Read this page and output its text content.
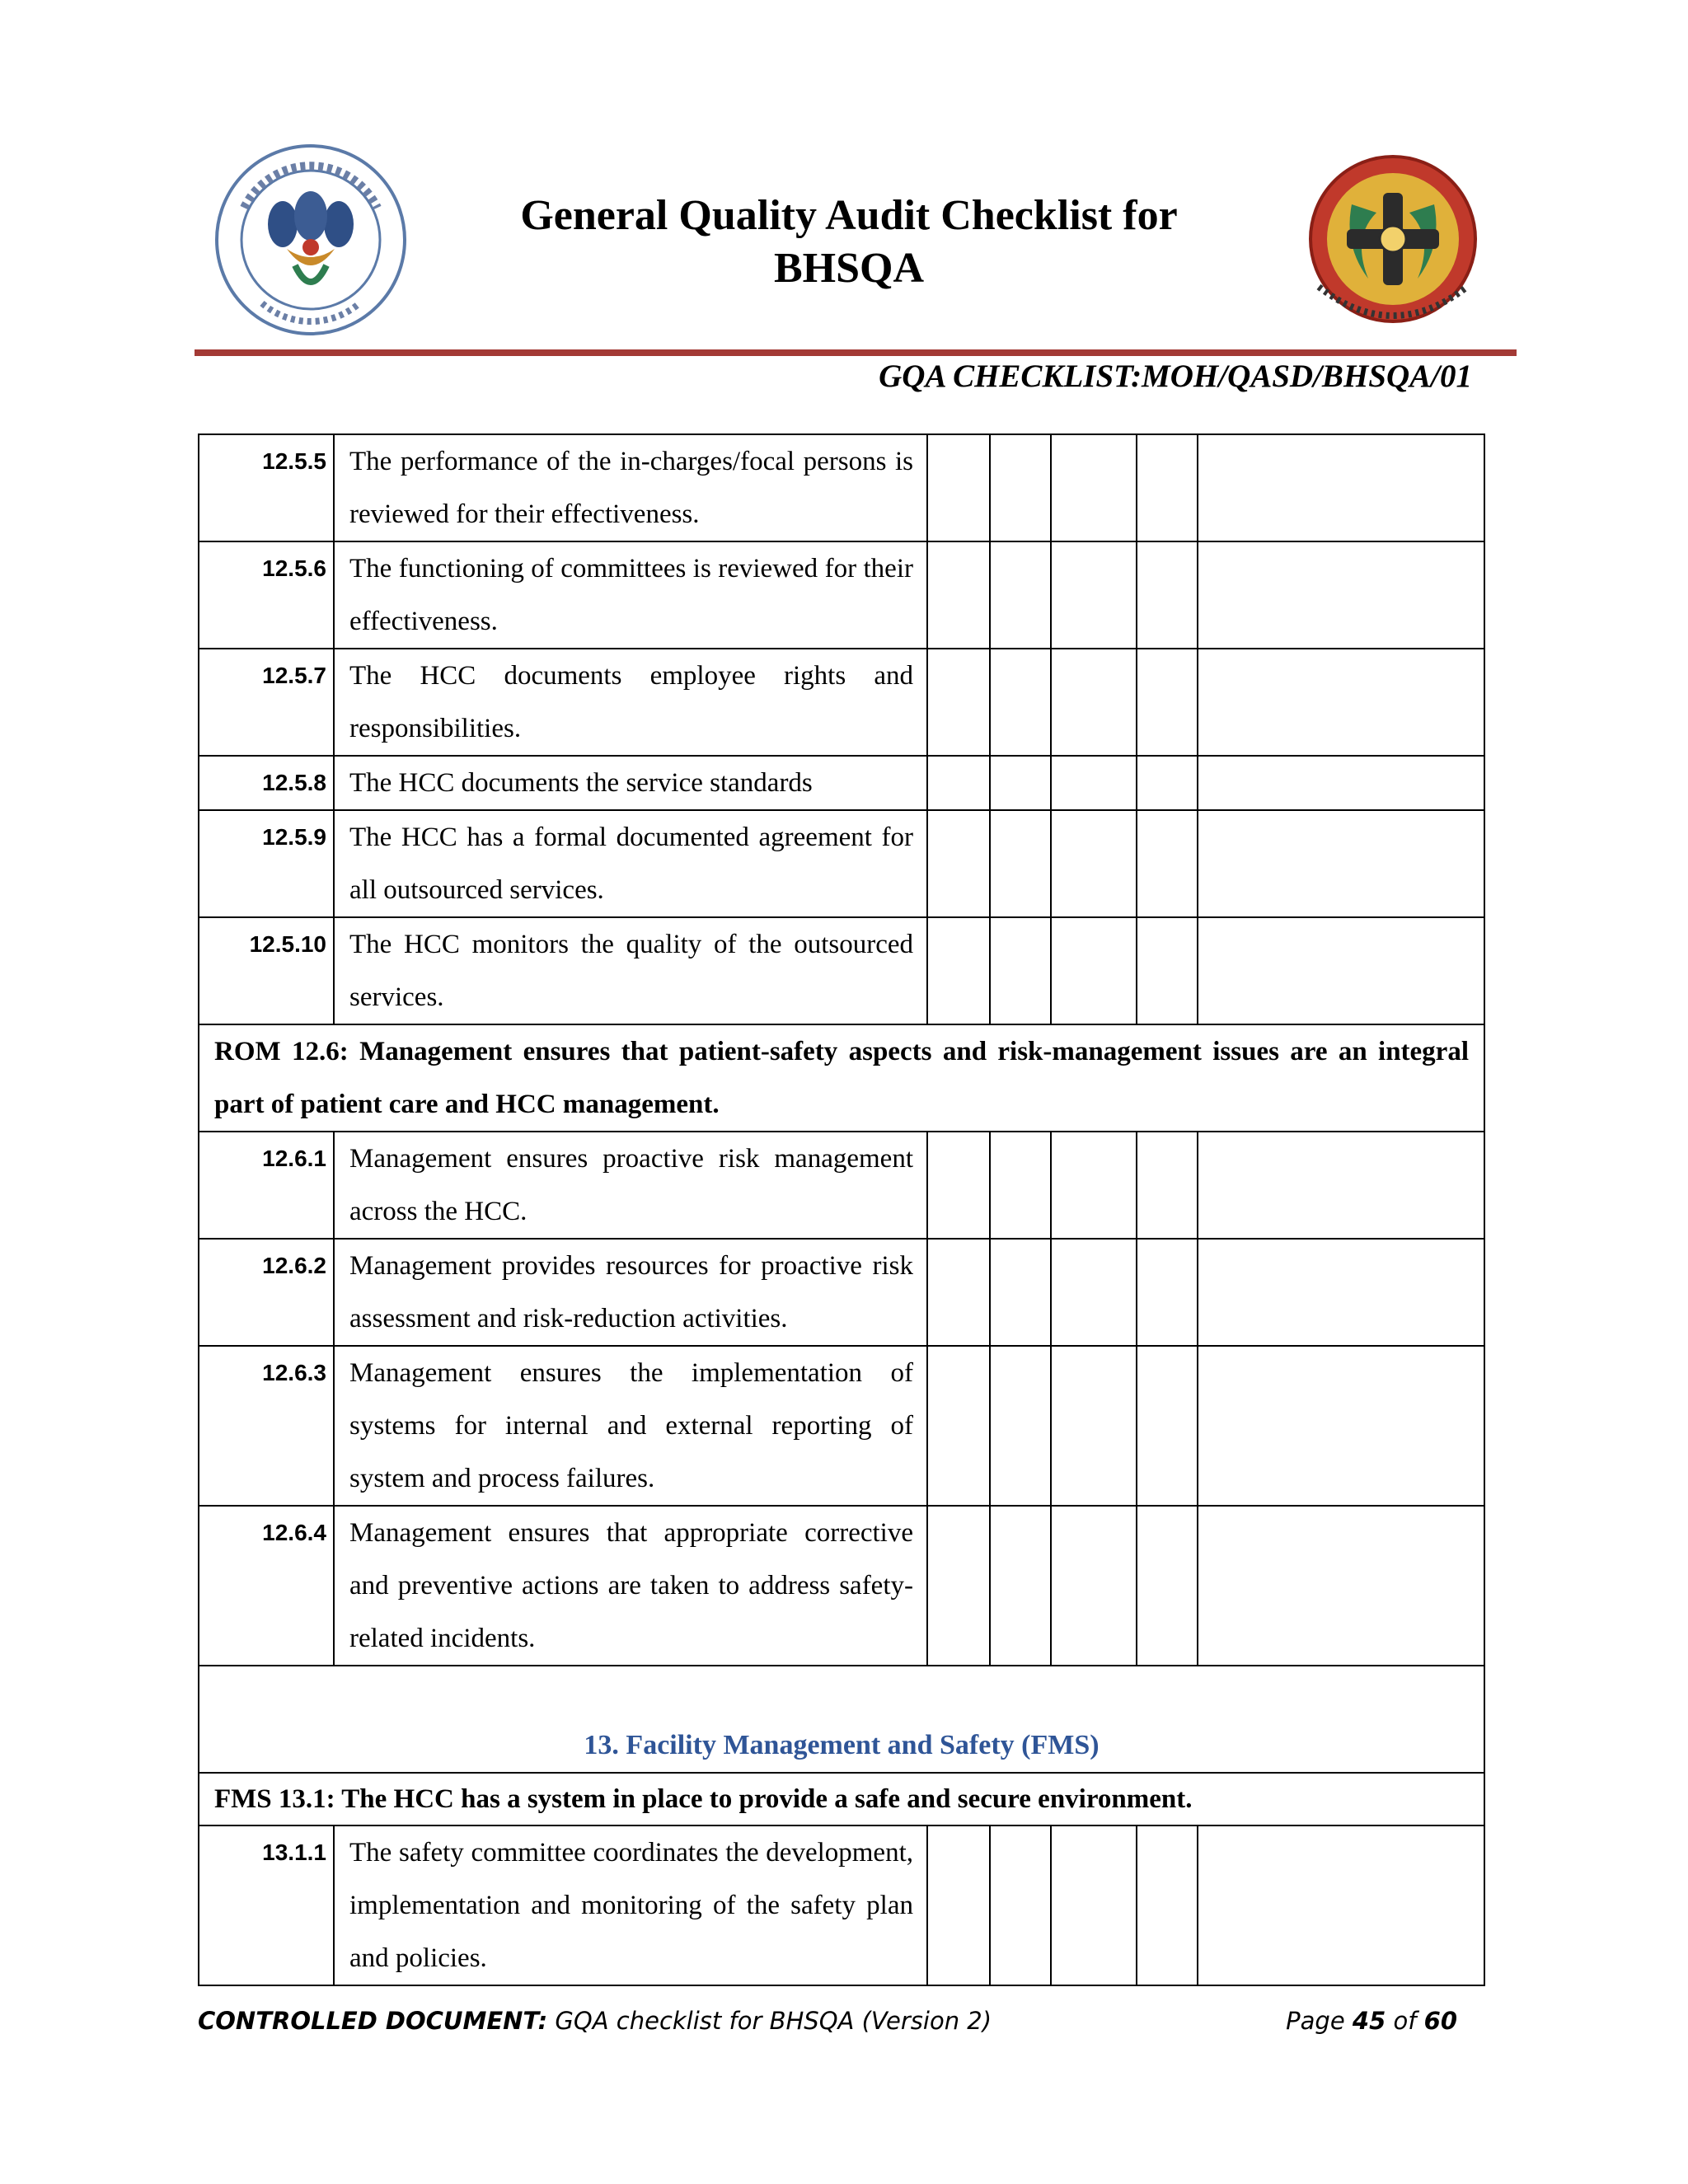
General Quality Audit Checklist for
BHSQA
GQA CHECKLIST:MOH/QASD/BHSQA/01
12.5.5	The performance of the in-charges/focal persons is reviewed for their effectiveness.					
12.5.6	The functioning of committees is reviewed for their effectiveness.					
12.5.7	The HCC documents employee rights and responsibilities.					
12.5.8	The HCC documents the service standards					
12.5.9	The HCC has a formal documented agreement for all outsourced services.					
12.5.10	The HCC monitors the quality of the outsourced services.					
ROM 12.6: Management ensures that patient-safety aspects and risk-management issues are an integral part of patient care and HCC management.						
12.6.1	Management ensures proactive risk management across the HCC.					
12.6.2	Management provides resources for proactive risk assessment and risk-reduction activities.					
12.6.3	Management ensures the implementation of systems for internal and external reporting of system and process failures.					
12.6.4	Management ensures that appropriate corrective and preventive actions are taken to address safety-related incidents.					
13. Facility Management and Safety (FMS)						
FMS 13.1: The HCC has a system in place to provide a safe and secure environment.						
13.1.1	The safety committee coordinates the development, implementation and monitoring of the safety plan and policies.					
CONTROLLED DOCUMENT: GQA checklist for BHSQA (Version 2)	Page 45 of 60
